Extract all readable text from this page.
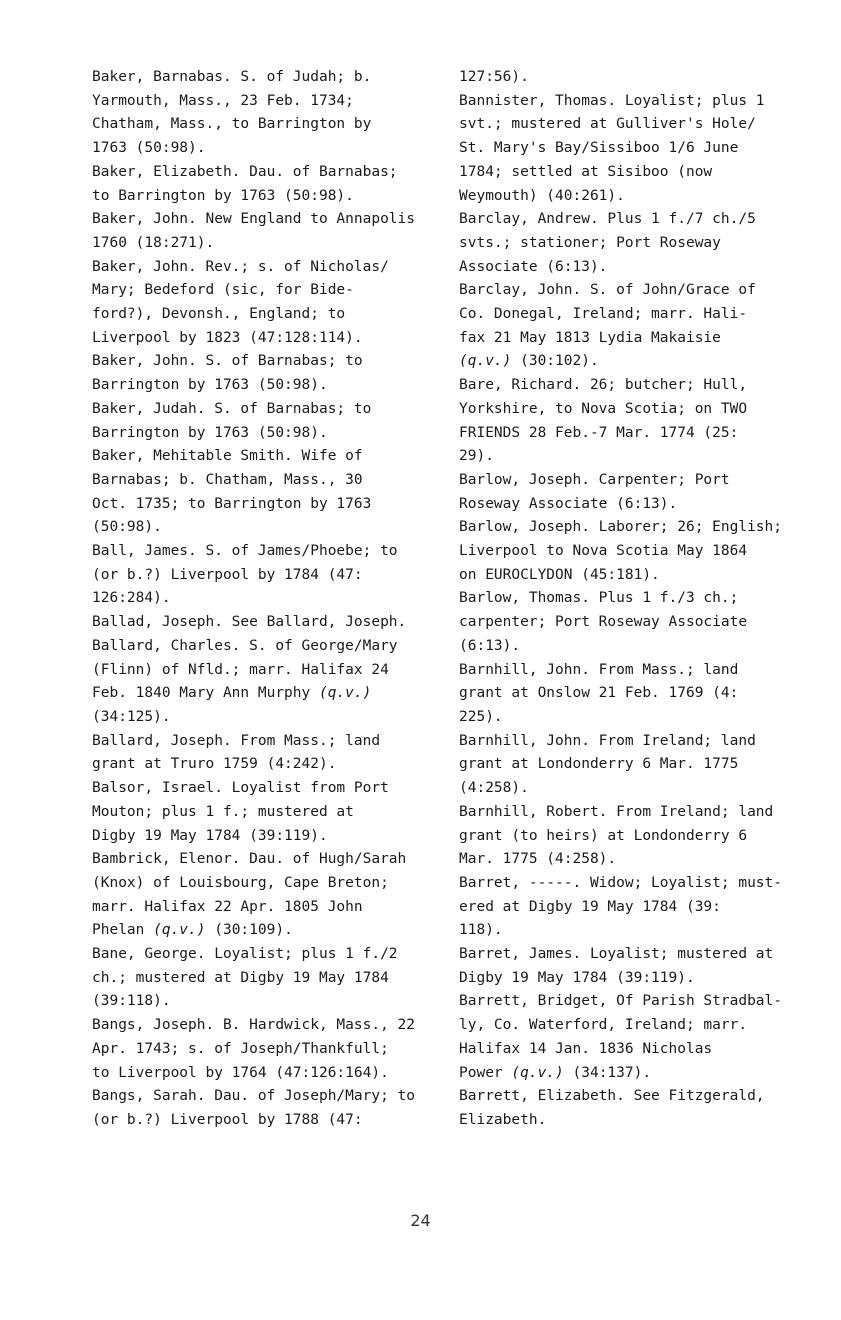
Baker, Barnabas. S. of Judah; b.
Yarmouth, Mass., 23 Feb. 1734;
Chatham, Mass., to Barrington by
1763 (50:98).

Baker, Elizabeth. Dau. of Barnabas;
to Barrington by 1763 (50:98).

Baker, John. New England to Annapolis
1760 (18:271).

Baker, John. Rev.; s. of Nicholas/
Mary; Bedeford (sic, for Bide-
ford?), Devonsh., England; to
Liverpool by 1823 (47:128:114).

Baker, John. S. of Barnabas; to
Barrington by 1763 (50:98).

Baker, Judah. S. of Barnabas; to
Barrington by 1763 (50:98).

Baker, Mehitable Smith. Wife of
Barnabas; b. Chatham, Mass., 30
Oct. 1735; to Barrington by 1763
(50:98).

Ball, James. S. of James/Phoebe; to
(or b.?) Liverpool by 1784 (47:
126:284).

Ballad, Joseph. See Ballard, Joseph.

Ballard, Charles. S. of George/Mary
(Flinn) of Nfld.; marr. Halifax 24
Feb. 1840 Mary Ann Murphy (q.v.)
(34:125).

Ballard, Joseph. From Mass.; land
grant at Truro 1759 (4:242).

Balsor, Israel. Loyalist from Port
Mouton; plus 1 f.; mustered at
Digby 19 May 1784 (39:119).

Bambrick, Elenor. Dau. of Hugh/Sarah
(Knox) of Louisbourg, Cape Breton;
marr. Halifax 22 Apr. 1805 John
Phelan (q.v.) (30:109).

Bane, George. Loyalist; plus 1 f./2
ch.; mustered at Digby 19 May 1784
(39:118).

Bangs, Joseph. B. Hardwick, Mass., 22
Apr. 1743; s. of Joseph/Thankfull;
to Liverpool by 1764 (47:126:164).

Bangs, Sarah. Dau. of Joseph/Mary; to
(or b.?) Liverpool by 1788 (47:

127:56).

Bannister, Thomas. Loyalist; plus 1
svt.; mustered at Gulliver's Hole/
St. Mary's Bay/Sissiboo 1/6 June
1784; settled at Sisiboo (now
Weymouth) (40:261).

Barclay, Andrew. Plus 1 f./7 ch./5
svts.; stationer; Port Roseway
Associate (6:13).

Barclay, John. S. of John/Grace of
Co. Donegal, Ireland; marr. Hali-
fax 21 May 1813 Lydia Makaisie
(q.v.) (30:102).

Bare, Richard. 26; butcher; Hull,
Yorkshire, to Nova Scotia; on TWO
FRIENDS 28 Feb.-7 Mar. 1774 (25:
29).

Barlow, Joseph. Carpenter; Port
Roseway Associate (6:13).

Barlow, Joseph. Laborer; 26; English;
Liverpool to Nova Scotia May 1864
on EUROCLYDON (45:181).

Barlow, Thomas. Plus 1 f./3 ch.;
carpenter; Port Roseway Associate
(6:13).

Barnhill, John. From Mass.; land
grant at Onslow 21 Feb. 1769 (4:
225).

Barnhill, John. From Ireland; land
grant at Londonderry 6 Mar. 1775
(4:258).

Barnhill, Robert. From Ireland; land
grant (to heirs) at Londonderry 6
Mar. 1775 (4:258).

Barret, -----. Widow; Loyalist; must-
ered at Digby 19 May 1784 (39:
118).

Barret, James. Loyalist; mustered at
Digby 19 May 1784 (39:119).

Barrett, Bridget, Of Parish Stradbal-
ly, Co. Waterford, Ireland; marr.
Halifax 14 Jan. 1836 Nicholas
Power (q.v.) (34:137).

Barrett, Elizabeth. See Fitzgerald,
Elizabeth.

24
